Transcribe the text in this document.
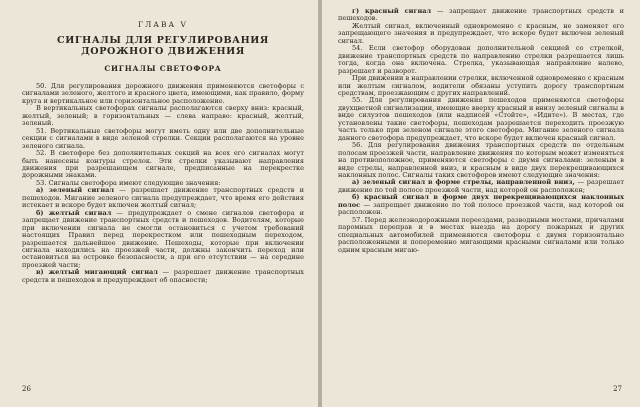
ГЛАВА V
СИГНАЛЫ ДЛЯ РЕГУЛИРОВАНИЯ
ДОРОЖНОГО ДВИЖЕНИЯ
СИГНАЛЫ СВЕТОФОРА

50. Для регулирования дорожного движения применяются светофоры с сигналами зеленого, желтого и красного цвета, имеющими, как правило, форму круга и вертикальное или горизонтальное расположение.

В вертикальных светофорах сигналы располагаются сверху вниз: красный, желтый, зеленый; в горизонтальных — слева направо: красный, желтый, зеленый.

51. Вертикальные светофоры могут иметь одну или две дополнительные секции с сигналами в виде зеленой стрелки. Секции располагаются на уровне зеленого сигнала.

52. В светофоре без дополнительных секций на всех его сигналах могут быть нанесены контуры стрелок. Эти стрелки указывают направления движения при разрешающем сигнале, предписанные на перекрестке дорожными знаками.

53. Сигналы светофора имеют следующие значения:

а) зеленый сигнал — разрешает движение транспортных средств и пешеходов. Мигание зеленого сигнала предупреждает, что время его действия истекает и вскоре будет включен желтый сигнал;

б) желтый сигнал — предупреждает о смене сигналов светофора и запрещает движение транспортных средств и пешеходов. Водителям, которые при включении сигнала не смогли остановиться с учетом требований настоящих Правил перед перекрестком или пешеходным переходом, разрешается дальнейшее движение. Пешеходы, которые при включении сигнала находились на проезжей части, должны закончить переход или остановиться на островке безопасности, а при его отсутствии — на середине проезжей части;

в) желтый мигающий сигнал — разрешает движение транспортных средств и пешеходов и предупреждает об опасности;

26

г) красный сигнал — запрещает движение транспортных средств и пешеходов.

Желтый сигнал, включенный одновременно с красным, не заменяет его запрещающего значения и предупреждает, что вскоре будет включен зеленый сигнал.

54. Если светофор оборудован дополнительной секцией со стрелкой, движение транспортных средств по направлению стрелки разрешается лишь тогда, когда она включена. Стрелка, указывающая направление налево, разрешает и разворот.

При движении в направлении стрелки, включенной одновременно с красным или желтым сигналом, водители обязаны уступить дорогу транспортным средствам, проезжающим с других направлений.

55. Для регулирования движения пешеходов применяются светофоры двухцветной сигнализации, имеющие вверху красный и внизу зеленый сигналы в виде силуэтов пешеходов (или надписей «Стойте», «Идите»). В местах, где установлены такие светофоры, пешеходам разрешается переходить проезжую часть только при зеленом сигнале этого светофора. Мигание зеленого сигнала данного светофора предупреждает, что вскоре будет включен красный сигнал.

56. Для регулирования движения транспортных средств по отдельным полосам проезжей части, направление движения по которым может изменяться на противоположное, применяются светофоры с двумя сигналами: зеленым в виде стрелы, направленной вниз, и красным в виде двух перекрещивающихся наклонных полос. Сигналы таких светофоров имеют следующие значения:

а) зеленый сигнал в форме стрелы, направленной вниз, — разрешает движение по той полосе проезжей части, над которой он расположен;

б) красный сигнал в форме двух перекрещивающихся наклонных полос — запрещает движение по той полосе проезжей части, над которой он расположен.

57. Перед железнодорожными переездами, разводными мостами, причалами паромных переправ и в местах выезда на дорогу пожарных и других специальных автомобилей применяются светофоры с двумя горизонтально расположенными и попеременно мигающими красными сигналами или только одним красным мигаю-

27
